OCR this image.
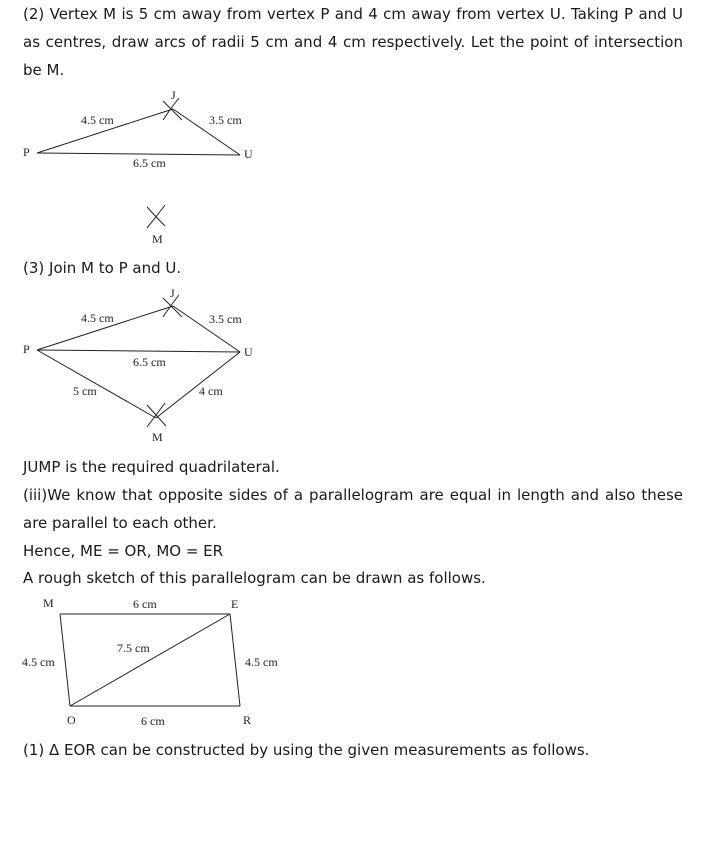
(2) Vertex M is 5 cm away from vertex P and 4 cm away from vertex U. Taking P and U as centres, draw arcs of radii 5 cm and 4 cm respectively. Let the point of intersection be M.

J
P	U
M
4.5 cm	3.5 cm
6.5 cm

(3) Join M to P and U.

J
P	U
M
4.5 cm	3.5 cm
6.5 cm
5 cm	4 cm

JUMP is the required quadrilateral.

(iii)We know that opposite sides of a parallelogram are equal in length and also these are parallel to each other.

Hence, ME = OR, MO = ER

A rough sketch of this parallelogram can be drawn as follows.

M	E
O	R
6 cm
7.5 cm
4.5 cm	4.5 cm
6 cm

(1) Δ EOR can be constructed by using the given measurements as follows.
